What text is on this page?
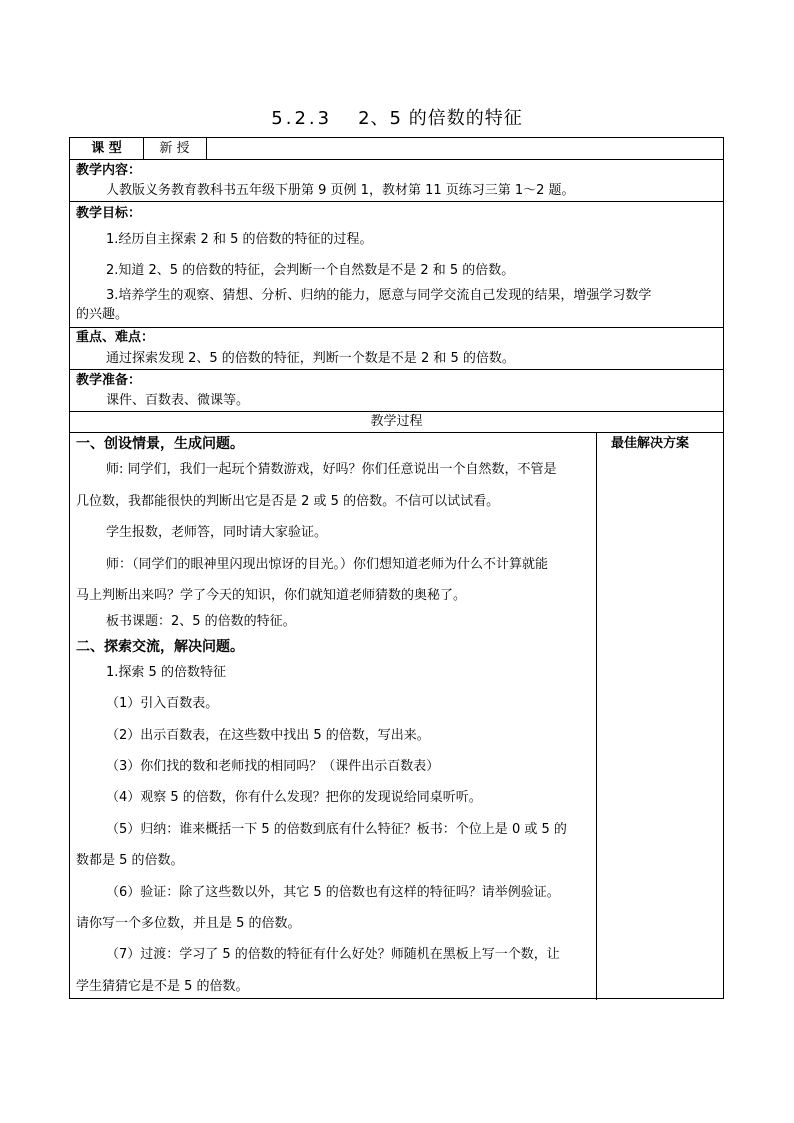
5.2.3 2、5 的倍数的特征
课 型	新 授
教学内容：
人教版义务教育教科书五年级下册第 9 页例 1，教材第 11 页练习三第 1～2 题。
教学目标：
1.经历自主探索 2 和 5 的倍数的特征的过程。
2.知道 2、5 的倍数的特征，会判断一个自然数是不是 2 和 5 的倍数。
3.培养学生的观察、猜想、分析、归纳的能力，愿意与同学交流自己发现的结果，增强学习数学
的兴趣。
重点、难点：
通过探索发现 2、5 的倍数的特征，判断一个数是不是 2 和 5 的倍数。
教学准备：
课件、百数表、微课等。
教学过程
最佳解决方案
一、创设情景，生成问题。
师: 同学们，我们一起玩个猜数游戏，好吗？你们任意说出一个自然数，不管是
几位数，我都能很快的判断出它是否是 2 或 5 的倍数。不信可以试试看。
学生报数，老师答，同时请大家验证。
师：（同学们的眼神里闪现出惊讶的目光。）你们想知道老师为什么不计算就能
马上判断出来吗？学了今天的知识，你们就知道老师猜数的奥秘了。
板书课题：2、5 的倍数的特征。
二、探索交流，解决问题。
1.探索 5 的倍数特征
（1）引入百数表。
（2）出示百数表，在这些数中找出 5 的倍数，写出来。
（3）你们找的数和老师找的相同吗？（课件出示百数表）
（4）观察 5 的倍数，你有什么发现？把你的发现说给同桌听听。
（5）归纳：谁来概括一下 5 的倍数到底有什么特征？板书：个位上是 0 或 5 的
数都是 5 的倍数。
（6）验证：除了这些数以外，其它 5 的倍数也有这样的特征吗？请举例验证。
请你写一个多位数，并且是 5 的倍数。
（7）过渡：学习了 5 的倍数的特征有什么好处？师随机在黑板上写一个数，让
学生猜猜它是不是 5 的倍数。
